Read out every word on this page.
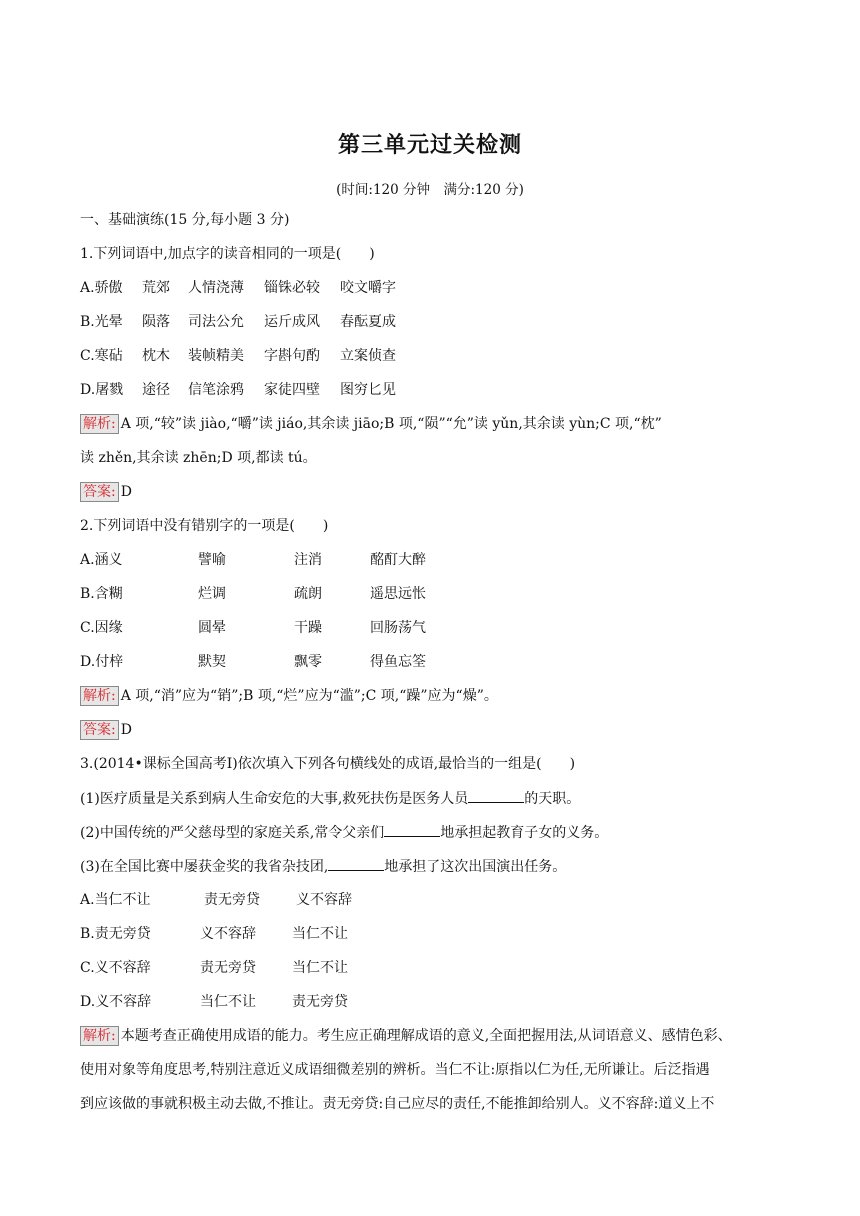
第三单元过关检测
(时间:120 分钟　满分:120 分)
一、基础演练(15 分,每小题 3 分)
1.下列词语中,加点字的读音相同的一项是(　　)
A.骄傲 荒郊 人情浇薄 锱铢必较 咬文嚼字
B.光晕 陨落 司法公允 运斤成风 春酝夏成
C.寒砧 枕木 装帧精美 字斟句酌 立案侦查
D.屠戮 途径 信笔涂鸦 家徒四壁 图穷匕见
解析: A 项,“较”读 jiào,“嚼”读 jiáo,其余读 jiāo;B 项,“陨”“允”读 yǔn,其余读 yùn;C 项,“枕”
读 zhěn,其余读 zhēn;D 项,都读 tú。
答案: D
2.下列词语中没有错别字的一项是(　　)
A.涵义	譬喻	注消	酩酊大醉
B.含糊	烂调	疏朗	遥思远怅
C.因缘	圆晕	干躁	回肠荡气
D.付梓	默契	飘零	得鱼忘筌
解析: A 项,“消”应为“销”;B 项,“烂”应为“滥”;C 项,“躁”应为“燥”。
答案: D
3.(2014•课标全国高考Ⅰ)依次填入下列各句横线处的成语,最恰当的一组是(　　)
(1)医疗质量是关系到病人生命安危的大事,救死扶伤是医务人员	的天职。
(2)中国传统的严父慈母型的家庭关系,常令父亲们	地承担起教育子女的义务。
(3)在全国比赛中屡获金奖的我省杂技团,	地承担了这次出国演出任务。
A.当仁不让	责无旁贷	义不容辞
B.责无旁贷	义不容辞	当仁不让
C.义不容辞	责无旁贷	当仁不让
D.义不容辞	当仁不让	责无旁贷
解析: 本题考查正确使用成语的能力。考生应正确理解成语的意义,全面把握用法,从词语意义、感情色彩、
使用对象等角度思考,特别注意近义成语细微差别的辨析。当仁不让:原指以仁为任,无所谦让。后泛指遇
到应该做的事就积极主动去做,不推让。责无旁贷:自己应尽的责任,不能推卸给别人。义不容辞:道义上不
